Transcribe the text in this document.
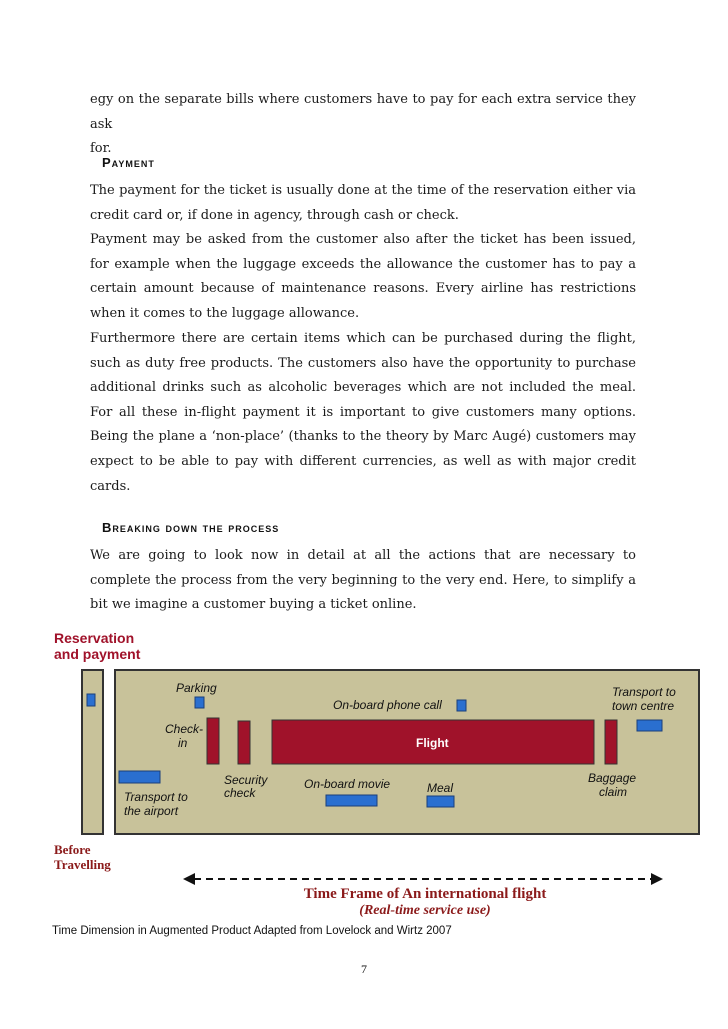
egy on the separate bills where customers have to pay for each extra service they ask
for.

Payment

The payment for the ticket is usually done at the time of the reservation either via credit card or, if done in agency, through cash or check.

Payment may be asked from the customer also after the ticket has been issued, for example when the luggage exceeds the allowance the customer has to pay a certain amount because of maintenance reasons. Every airline has restrictions when it comes to the luggage allowance.

Furthermore there are certain items which can be purchased during the flight, such as duty free products. The customers also have the opportunity to purchase additional drinks such as alcoholic beverages which are not included the meal. For all these in-flight payment it is important to give customers many options. Being the plane a ‘non-place’ (thanks to the theory by Marc Augé) customers may expect to be able to pay with different currencies, as well as with major credit cards.

Breaking down the process

We are going to look now in detail at all the actions that are necessary to complete the process from the very beginning to the very end. Here, to simplify a bit we imagine a customer buying a ticket online.

Reservation
and payment
Parking
On-board phone call
Transport to
town centre
Check-
in	Flight
Security
check
On-board movie	Meal
Baggage
claim
Transport to
the airport
Before
Travelling
Time Frame of An international flight
(Real-time service use)
Time Dimension in Augmented Product Adapted from Lovelock and Wirtz 2007
7
